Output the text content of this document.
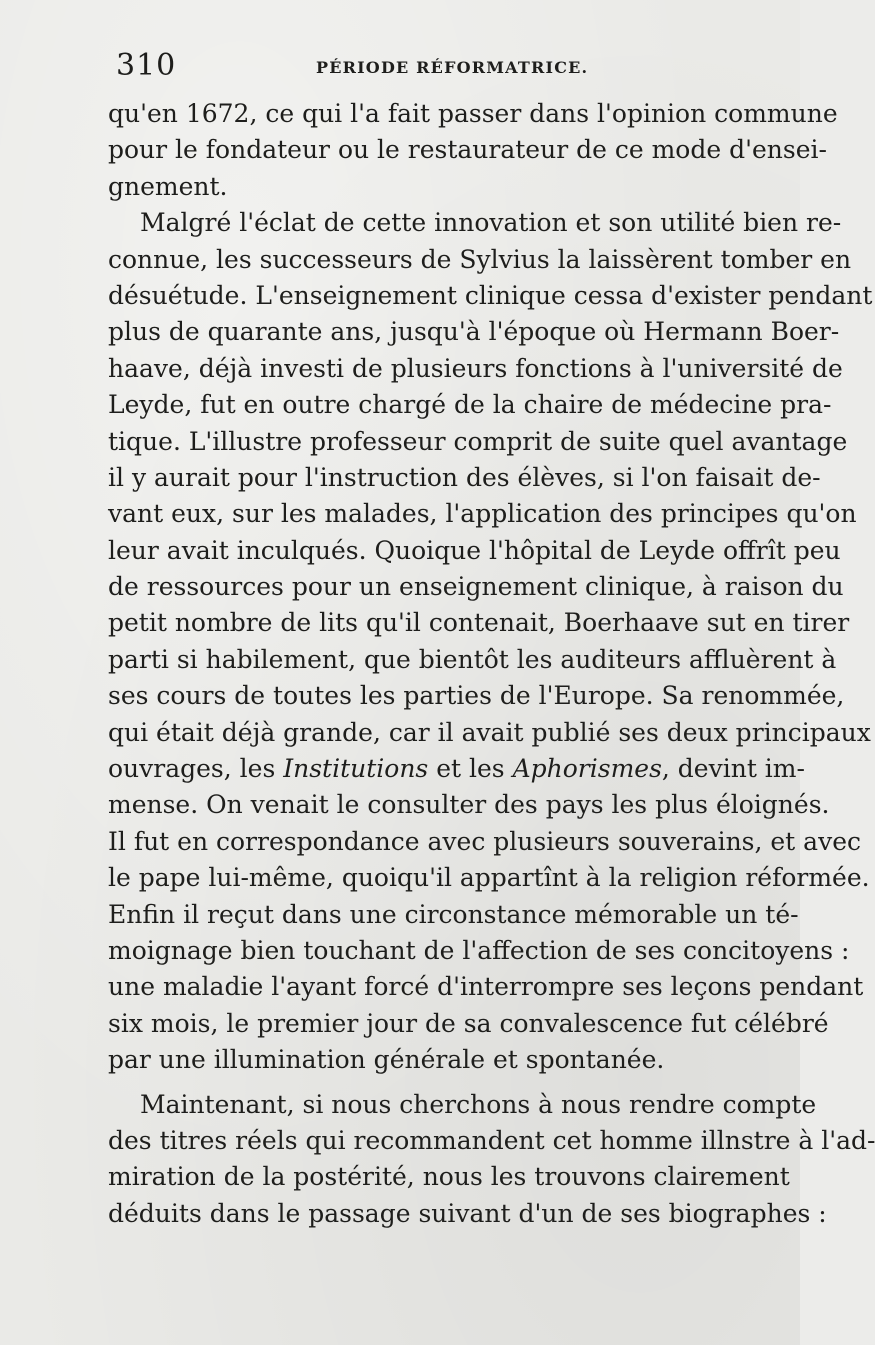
310	PÉRIODE RÉFORMATRICE.
qu'en 1672, ce qui l'a fait passer dans l'opinion commune
pour le fondateur ou le restaurateur de ce mode d'ensei-
gnement.
Malgré l'éclat de cette innovation et son utilité bien re-
connue, les successeurs de Sylvius la laissèrent tomber en
désuétude. L'enseignement clinique cessa d'exister pendant
plus de quarante ans, jusqu'à l'époque où Hermann Boer-
haave, déjà investi de plusieurs fonctions à l'université de
Leyde, fut en outre chargé de la chaire de médecine pra-
tique. L'illustre professeur comprit de suite quel avantage
il y aurait pour l'instruction des élèves, si l'on faisait de-
vant eux, sur les malades, l'application des principes qu'on
leur avait inculqués. Quoique l'hôpital de Leyde offrît peu
de ressources pour un enseignement clinique, à raison du
petit nombre de lits qu'il contenait, Boerhaave sut en tirer
parti si habilement, que bientôt les auditeurs affluèrent à
ses cours de toutes les parties de l'Europe. Sa renommée,
qui était déjà grande, car il avait publié ses deux principaux
ouvrages, les Institutions et les Aphorismes, devint im-
mense. On venait le consulter des pays les plus éloignés.
Il fut en correspondance avec plusieurs souverains, et avec
le pape lui-même, quoiqu'il appartînt à la religion réformée.
Enfin il reçut dans une circonstance mémorable un té-
moignage bien touchant de l'affection de ses concitoyens :
une maladie l'ayant forcé d'interrompre ses leçons pendant
six mois, le premier jour de sa convalescence fut célébré
par une illumination générale et spontanée.
Maintenant, si nous cherchons à nous rendre compte
des titres réels qui recommandent cet homme illnstre à l'ad-
miration de la postérité, nous les trouvons clairement
déduits dans le passage suivant d'un de ses biographes :
